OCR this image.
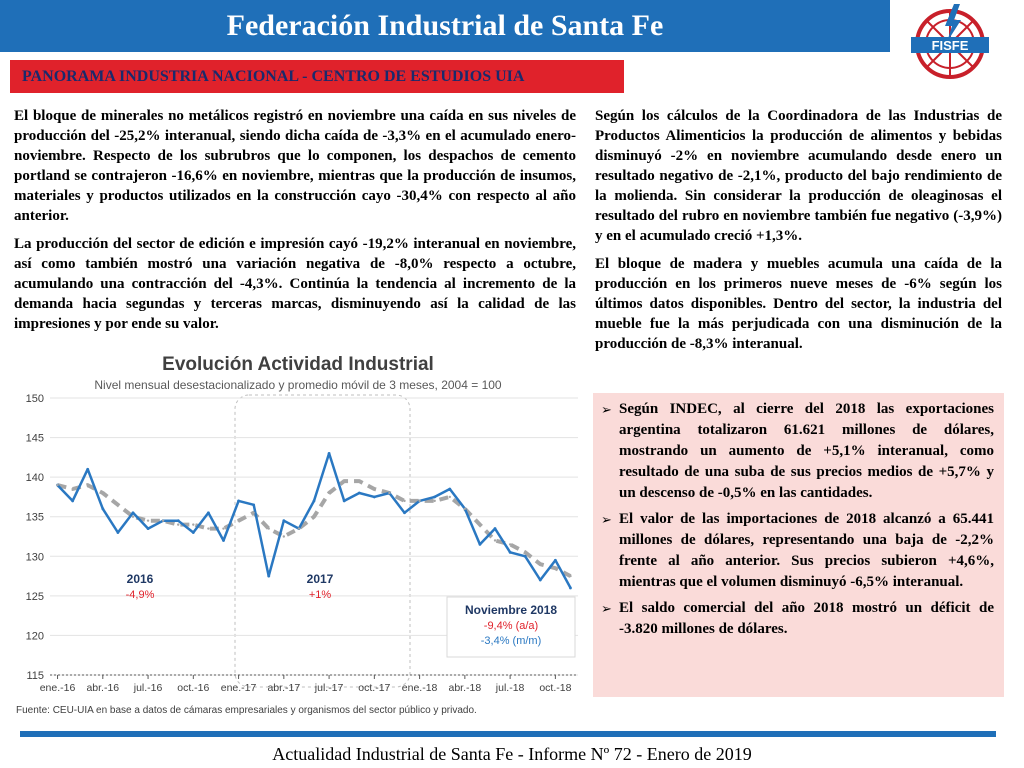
Federación Industrial de Santa Fe
FISFE
PANORAMA INDUSTRIA NACIONAL - CENTRO DE ESTUDIOS UIA

El bloque de minerales no metálicos registró en noviembre una caída en sus niveles de producción del -25,2% interanual, siendo dicha caída de -3,3% en el acumulado enero-noviembre. Respecto de los subrubros que lo componen, los despachos de cemento portland se contrajeron -16,6% en noviembre, mientras que la producción de insumos, materiales y productos utilizados en la construcción cayo -30,4% con respecto al año anterior.

La producción del sector de edición e impresión cayó -19,2% interanual en noviembre, así como también mostró una variación negativa de -8,0% respecto a octubre, acumulando una contracción del -4,3%. Continúa la tendencia al incremento de la demanda hacia segundas y terceras marcas, disminuyendo así la calidad de las impresiones y por ende su valor.

Según los cálculos de la Coordinadora de las Industrias de Productos Alimenticios la producción de alimentos y bebidas disminuyó -2% en noviembre acumulando desde enero un resultado negativo de -2,1%, producto del bajo rendimiento de la molienda. Sin considerar la producción de oleaginosas el resultado del rubro en noviembre también fue negativo (-3,9%) y en el acumulado creció +1,3%.

El bloque de madera y muebles acumula una caída de la producción en los primeros nueve meses de -6% según los últimos datos disponibles. Dentro del sector, la industria del mueble fue la más perjudicada con una disminución de la producción de -8,3% interanual.

➢ Según INDEC, al cierre del 2018 las exportaciones argentina totalizaron 61.621 millones de dólares, mostrando un aumento de +5,1% interanual, como resultado de una suba de sus precios medios de +5,7% y un descenso de -0,5% en las cantidades.
➢ El valor de las importaciones de 2018 alcanzó a 65.441 millones de dólares, representando una baja de -2,2% frente al año anterior. Sus precios subieron +4,6%, mientras que el volumen disminuyó -6,5% interanual.
➢ El saldo comercial del año 2018 mostró un déficit de -3.820 millones de dólares.
Evolución Actividad Industrial
Nivel mensual desestacionalizado y promedio móvil de 3 meses, 2004 = 100
115
120
125
130
135
140
145
150
ene.-16 abr.-16 jul.-16 oct.-16 ene.-17 abr.-17 jul.-17 oct.-17 ene.-18 abr.-18 jul.-18 oct.-18
2016
-4,9%
2017
+1%
Noviembre 2018
-9,4% (a/a)
-3,4% (m/m)
Fuente: CEU-UIA en base a datos de cámaras empresariales y organismos del sector público y privado.
Actualidad Industrial de Santa Fe - Informe Nº 72 - Enero de 2019
